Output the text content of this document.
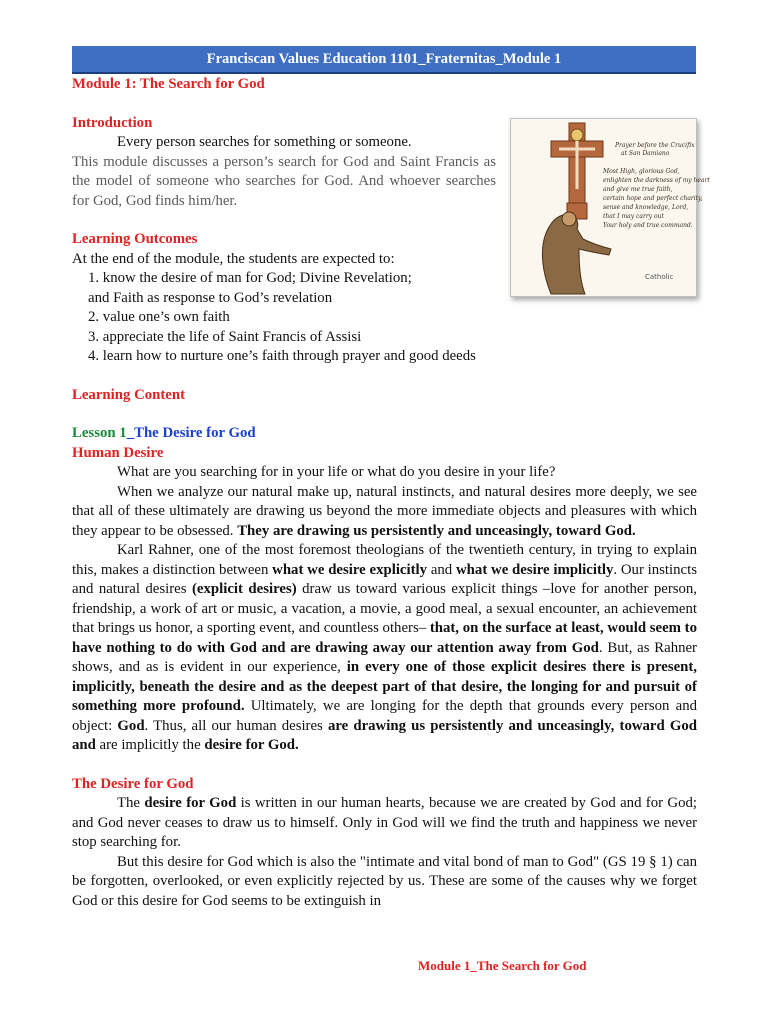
Franciscan Values Education 1101_Fraternitas_Module 1
Prayer before the Crucifix
at San Damiano
Most High, glorious God,
enlighten the darkness of my heart
and give me true faith,
certain hope and perfect charity,
sense and knowledge, Lord,
that I may carry out
Your holy and true command.
Catholic
Module 1: The Search for God
Introduction

Every person searches for something or someone.

This module discusses a person’s search for God and Saint Francis as the model of someone who searches for God. And whoever searches for God, God finds him/her.

Learning Outcomes

At the end of the module, the students are expected to:

1. know the desire of man for God; Divine Revelation;
and Faith as response to God’s revelation
2. value one’s own faith
3. appreciate the life of Saint Francis of Assisi
4. learn how to nurture one’s faith through prayer and good deeds
Learning Content
Lesson 1_The Desire for God
Human Desire

What are you searching for in your life or what do you desire in your life?

When we analyze our natural make up, natural instincts, and natural desires more deeply, we see that all of these ultimately are drawing us beyond the more immediate objects and pleasures with which they appear to be obsessed. They are drawing us persistently and unceasingly, toward God.

Karl Rahner, one of the most foremost theologians of the twentieth century, in trying to explain this, makes a distinction between what we desire explicitly and what we desire implicitly. Our instincts and natural desires (explicit desires) draw us toward various explicit things –love for another person, friendship, a work of art or music, a vacation, a movie, a good meal, a sexual encounter, an achievement that brings us honor, a sporting event, and countless others– that, on the surface at least, would seem to have nothing to do with God and are drawing away our attention away from God. But, as Rahner shows, and as is evident in our experience, in every one of those explicit desires there is present, implicitly, beneath the desire and as the deepest part of that desire, the longing for and pursuit of something more profound. Ultimately, we are longing for the depth that grounds every person and object: God. Thus, all our human desires are drawing us persistently and unceasingly, toward God and are implicitly the desire for God.

The Desire for God

The desire for God is written in our human hearts, because we are created by God and for God; and God never ceases to draw us to himself. Only in God will we find the truth and happiness we never stop searching for.

But this desire for God which is also the "intimate and vital bond of man to God" (GS 19 § 1) can be forgotten, overlooked, or even explicitly rejected by us. These are some of the causes why we forget God or this desire for God seems to be extinguish in

Module 1_The Search for God
